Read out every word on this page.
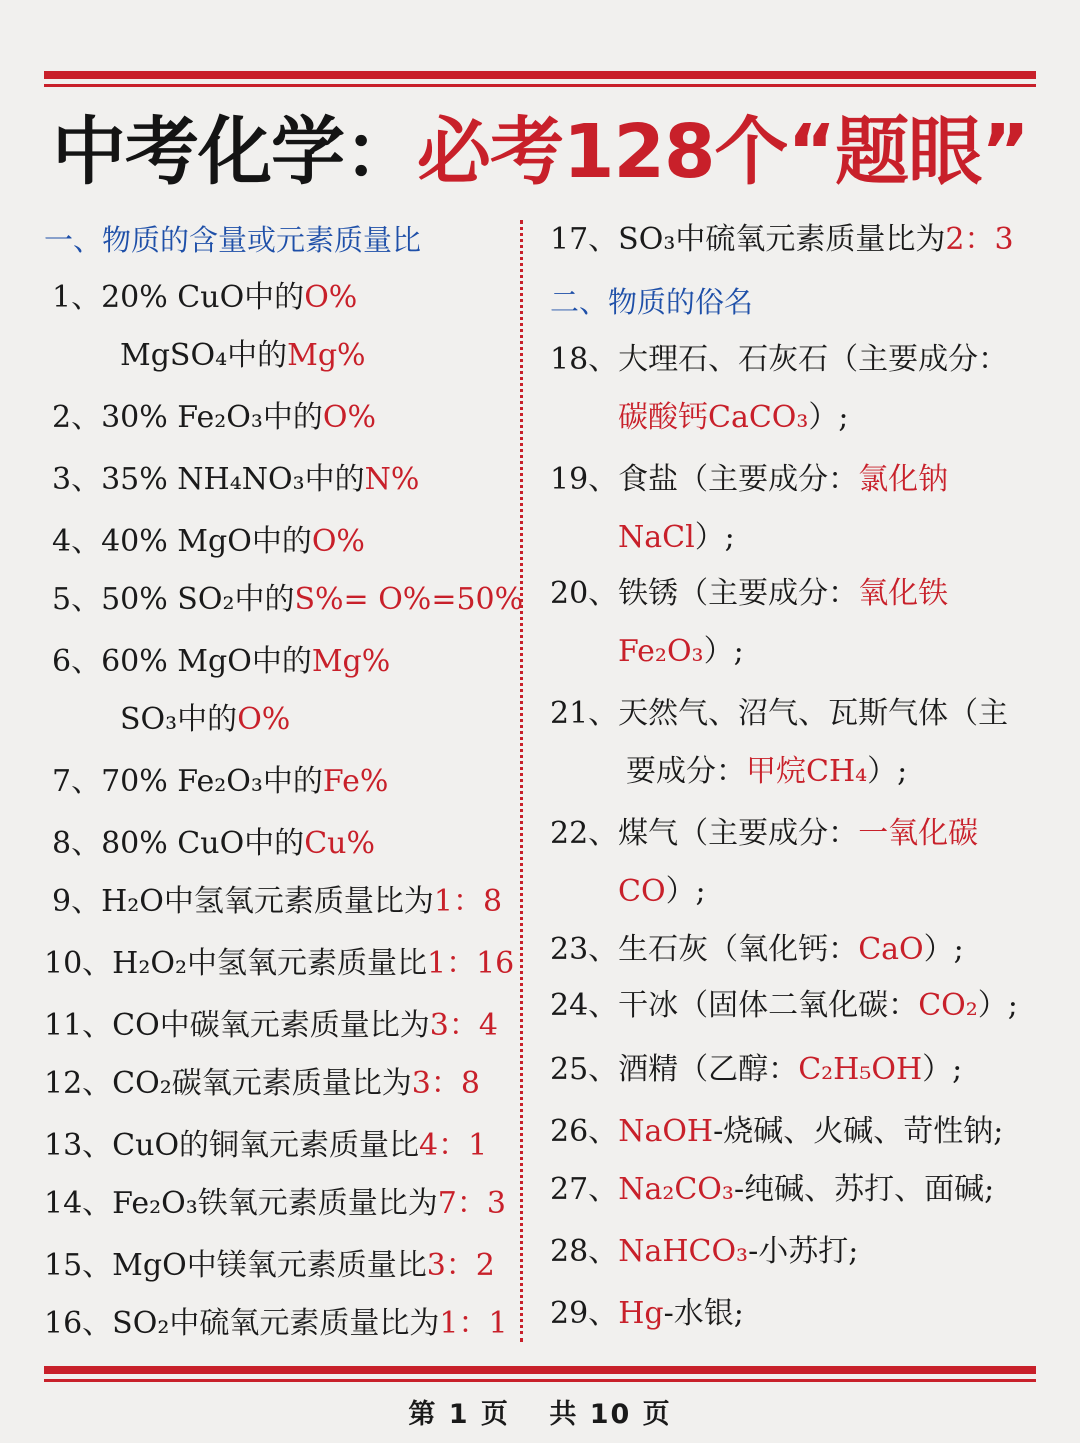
中考化学：必考128个“题眼”
一、物质的含量或元素质量比
1、20% CuO中的O%
MgSO₄中的Mg%
2、30% Fe₂O₃中的O%
3、35% NH₄NO₃中的N%
4、40% MgO中的O%
5、50% SO₂中的S%= O%=50%
6、60% MgO中的Mg%
SO₃中的O%
7、70% Fe₂O₃中的Fe%
8、80% CuO中的Cu%
9、H₂O中氢氧元素质量比为1：8
10、H₂O₂中氢氧元素质量比1：16
11、CO中碳氧元素质量比为3：4
12、CO₂碳氧元素质量比为3：8
13、CuO的铜氧元素质量比4：1
14、Fe₂O₃铁氧元素质量比为7：3
15、MgO中镁氧元素质量比3：2
16、SO₂中硫氧元素质量比为1：1
17、SO₃中硫氧元素质量比为2：3
二、物质的俗名
18、大理石、石灰石（主要成分：
碳酸钙CaCO₃）;
19、食盐（主要成分：氯化钠
NaCl）;
20、铁锈（主要成分：氧化铁
Fe₂O₃）;
21、天然气、沼气、瓦斯气体（主
要成分：甲烷CH₄）;
22、煤气（主要成分：一氧化碳
CO）;
23、生石灰（氧化钙：CaO）;
24、干冰（固体二氧化碳：CO₂）;
25、酒精（乙醇：C₂H₅OH）;
26、NaOH-烧碱、火碱、苛性钠;
27、Na₂CO₃-纯碱、苏打、面碱;
28、NaHCO₃-小苏打;
29、Hg-水银;
第 1 页 共 10 页
